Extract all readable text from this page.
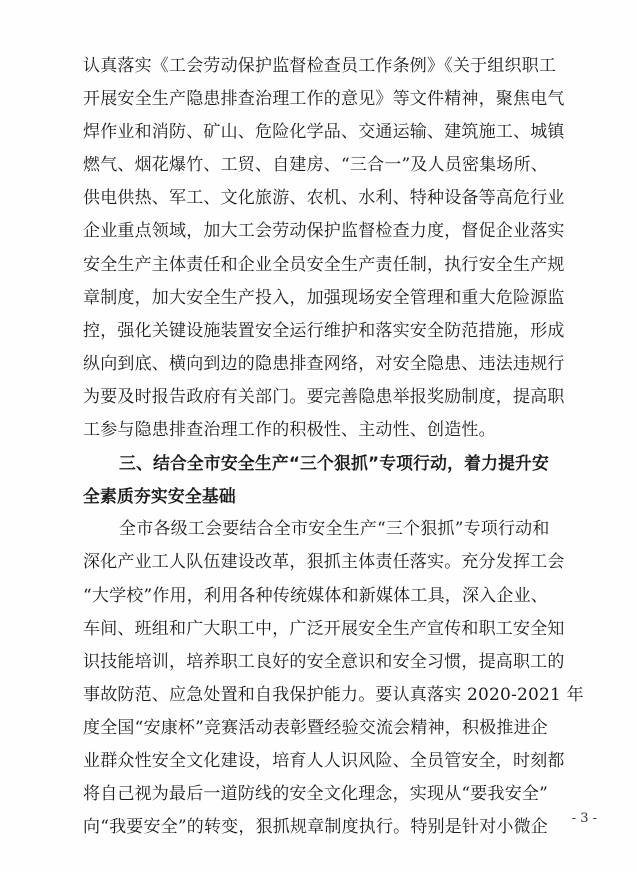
认真落实《工会劳动保护监督检查员工作条例》《关于组织职工
开展安全生产隐患排查治理工作的意见》等文件精神，聚焦电气
焊作业和消防、矿山、危险化学品、交通运输、建筑施工、城镇
燃气、烟花爆竹、工贸、自建房、“三合一”及人员密集场所、
供电供热、军工、文化旅游、农机、水利、特种设备等高危行业
企业重点领域，加大工会劳动保护监督检查力度，督促企业落实
安全生产主体责任和企业全员安全生产责任制，执行安全生产规
章制度，加大安全生产投入，加强现场安全管理和重大危险源监
控，强化关键设施装置安全运行维护和落实安全防范措施，形成
纵向到底、横向到边的隐患排查网络，对安全隐患、违法违规行
为要及时报告政府有关部门。要完善隐患举报奖励制度，提高职
工参与隐患排查治理工作的积极性、主动性、创造性。
三、结合全市安全生产“三个狠抓”专项行动，着力提升安
全素质夯实安全基础
全市各级工会要结合全市安全生产“三个狠抓”专项行动和
深化产业工人队伍建设改革，狠抓主体责任落实。充分发挥工会
“大学校”作用，利用各种传统媒体和新媒体工具，深入企业、
车间、班组和广大职工中，广泛开展安全生产宣传和职工安全知
识技能培训，培养职工良好的安全意识和安全习惯，提高职工的
事故防范、应急处置和自我保护能力。要认真落实 2020-2021 年
度全国“安康杯”竞赛活动表彰暨经验交流会精神，积极推进企
业群众性安全文化建设，培育人人识风险、全员管安全，时刻都
将自己视为最后一道防线的安全文化理念，实现从“要我安全”
向“我要安全”的转变，狠抓规章制度执行。特别是针对小微企	- 3 -
